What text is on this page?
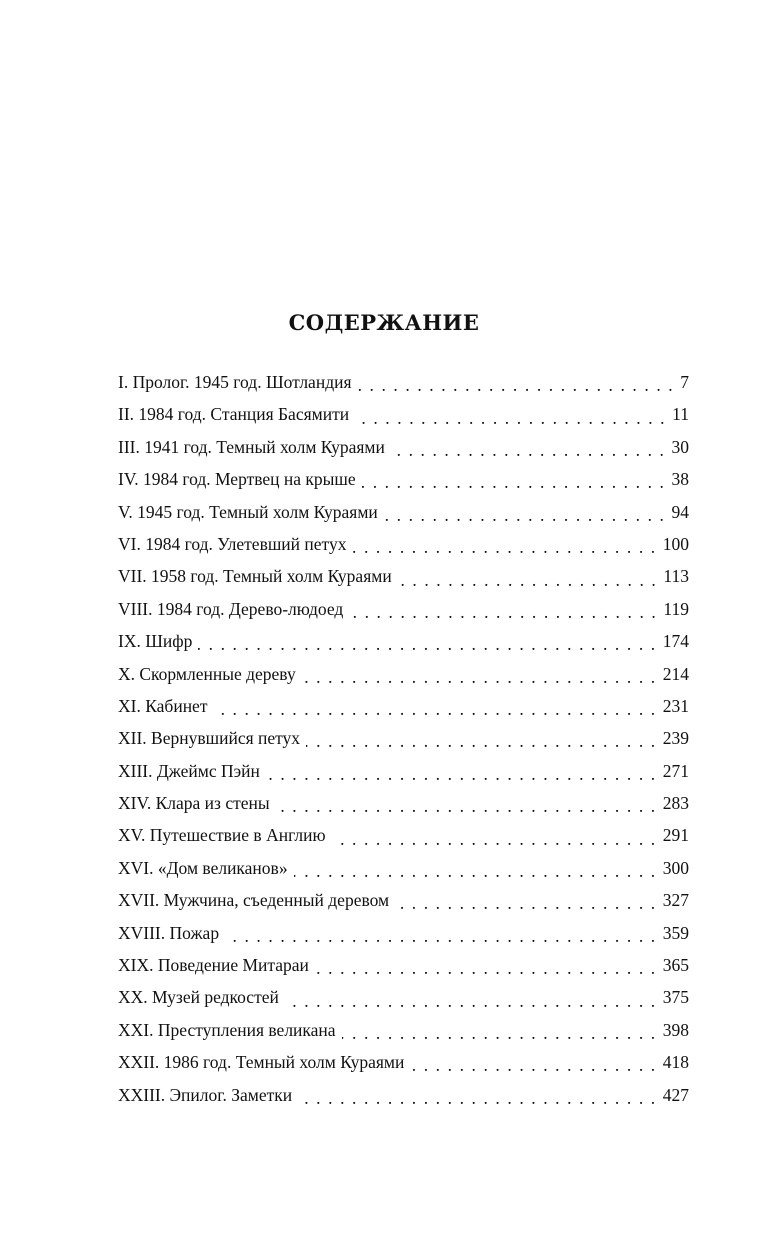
СОДЕРЖАНИЕ
I. Пролог. 1945 год. Шотландия . . .	7
II. 1984 год. Станция Басямити . . .	11
III. 1941 год. Темный холм Кураями . . .	30
IV. 1984 год. Мертвец на крыше . . .	38
V. 1945 год. Темный холм Кураями . . .	94
VI. 1984 год. Улетевший петух . . .	100
VII. 1958 год. Темный холм Кураями . . .	113
VIII. 1984 год. Дерево-людоед . . .	119
IX. Шифр . . .	174
X. Скормленные дереву . . .	214
XI. Кабинет . . .	231
XII. Вернувшийся петух . . .	239
XIII. Джеймс Пэйн . . .	271
XIV. Клара из стены . . .	283
XV. Путешествие в Англию . . .	291
XVI. «Дом великанов» . . .	300
XVII. Мужчина, съеденный деревом . . .	327
XVIII. Пожар . . .	359
XIX. Поведение Митараи . . .	365
XX. Музей редкостей . . .	375
XXI. Преступления великана . . .	398
XXII. 1986 год. Темный холм Кураями . . .	418
XXIII. Эпилог. Заметки . . .	427
